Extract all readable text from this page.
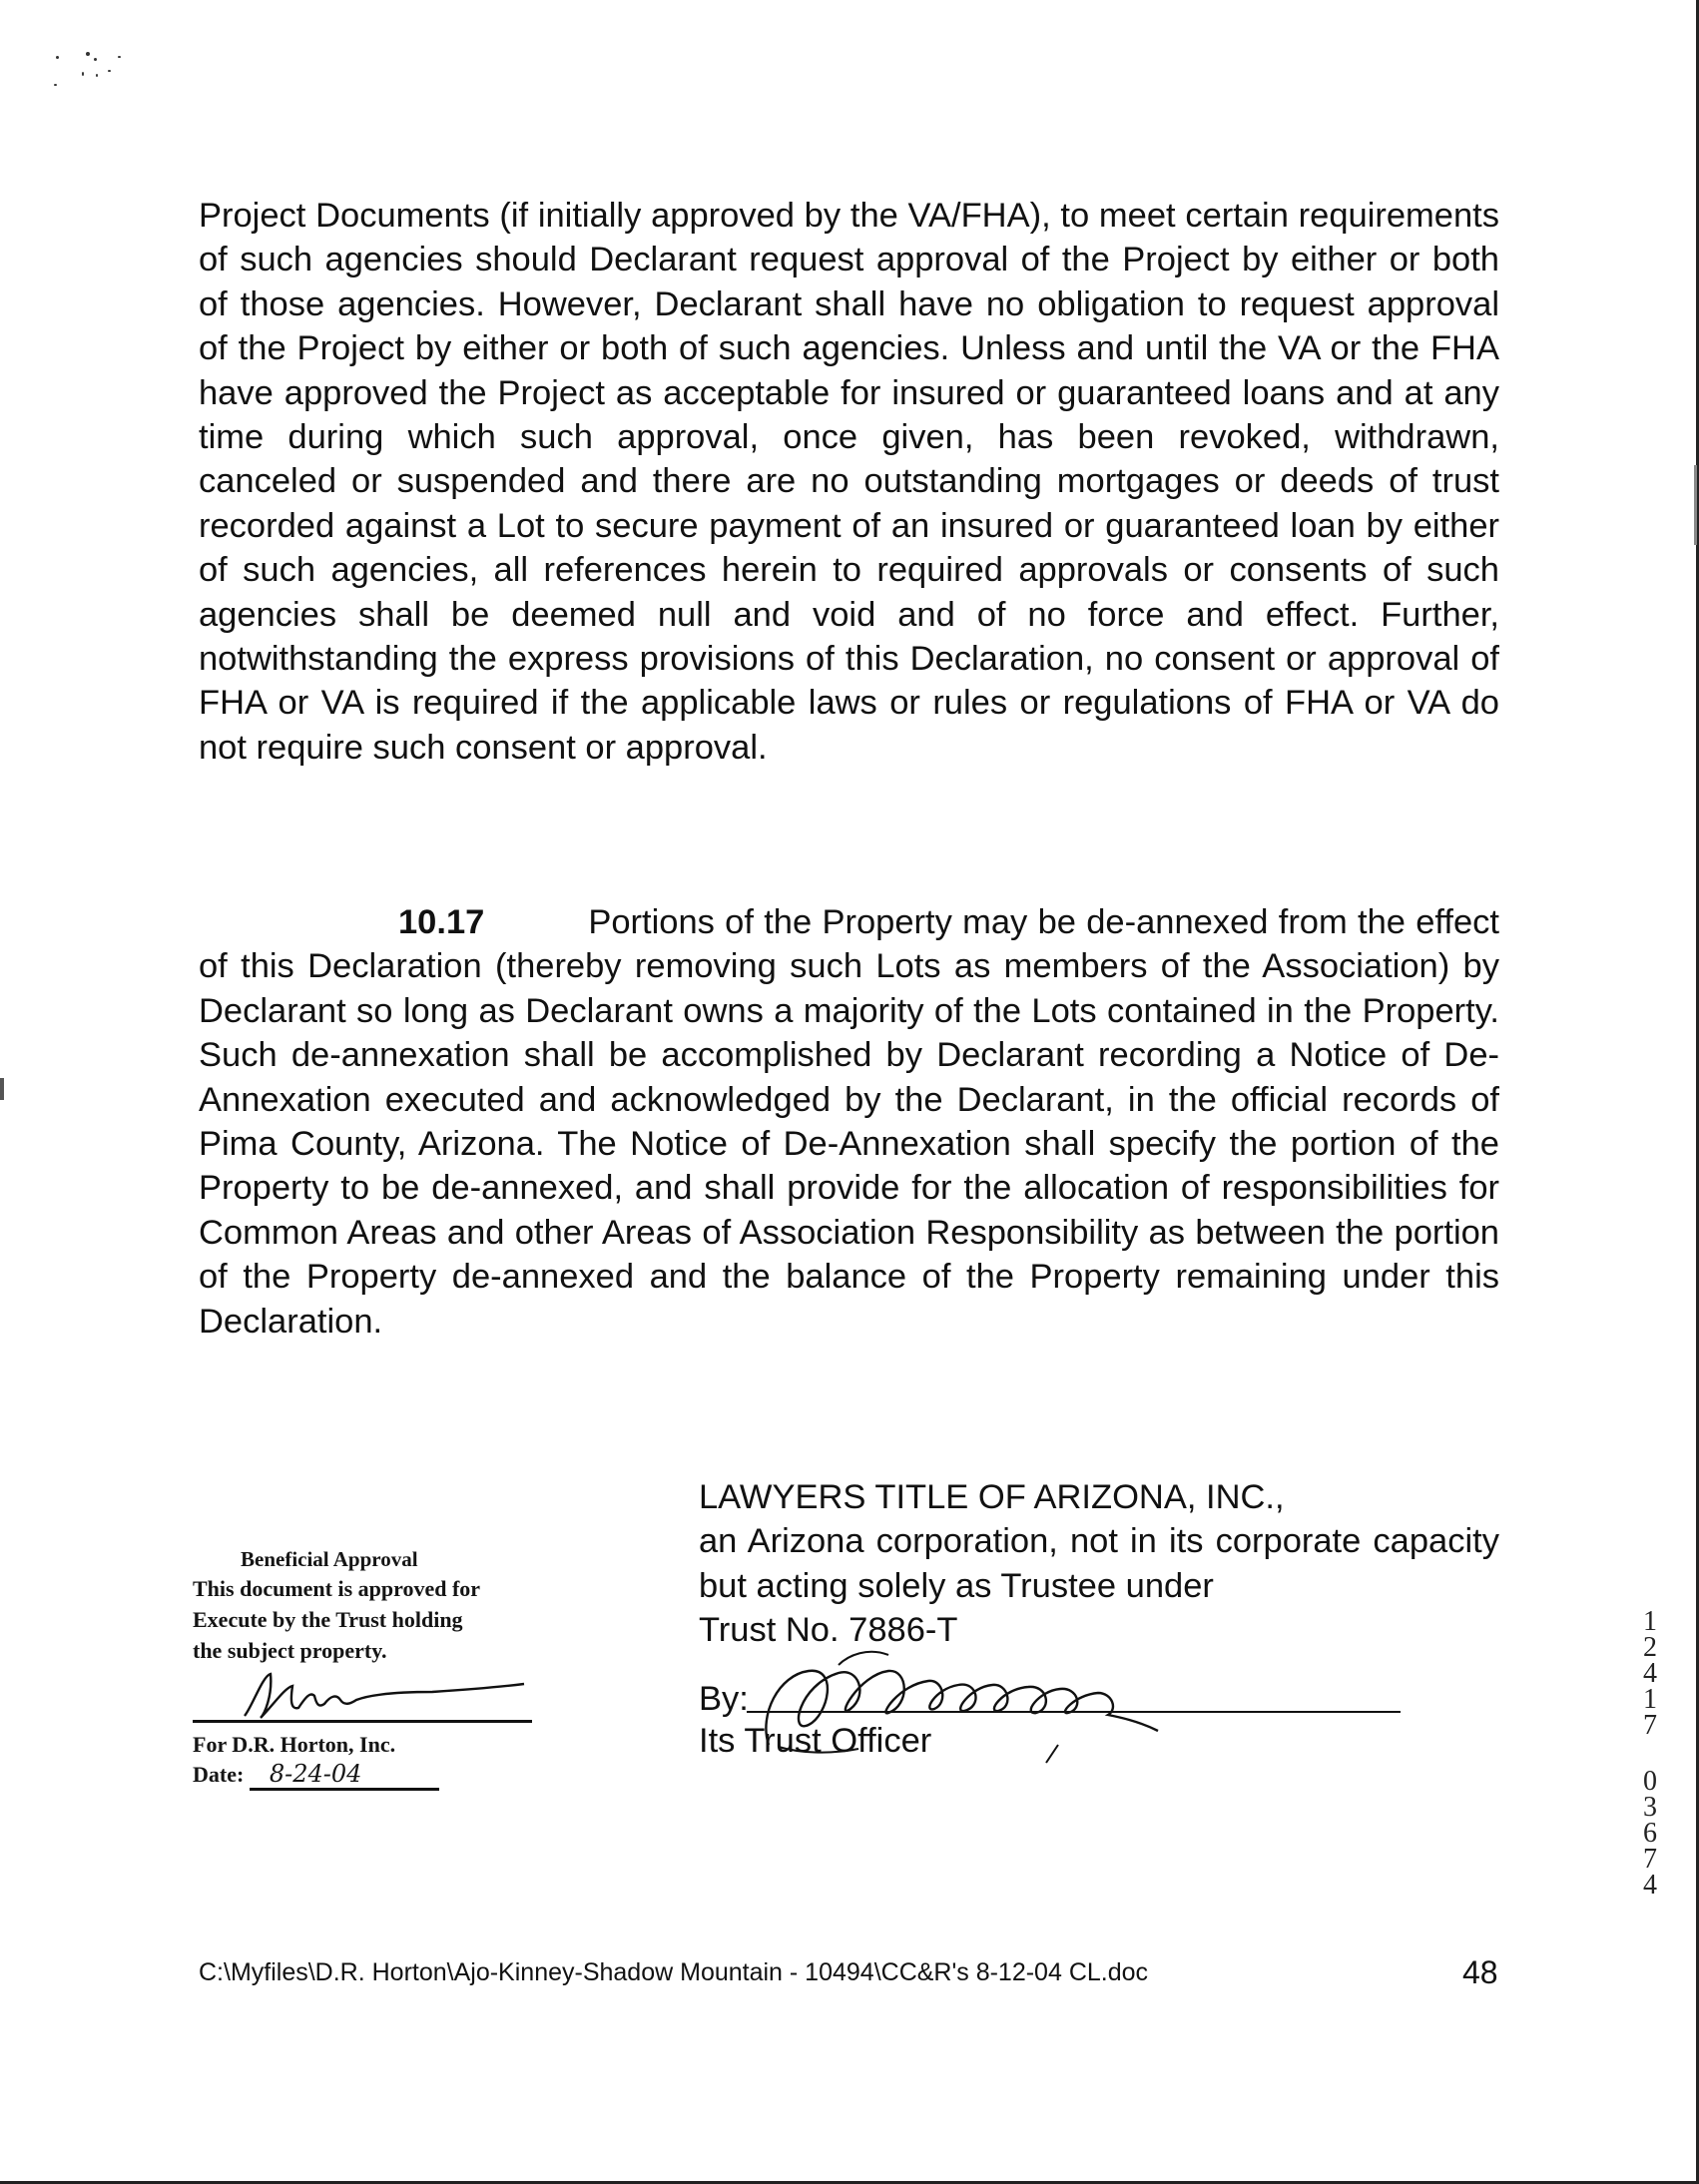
Project Documents (if initially approved by the VA/FHA), to meet certain requirements of such agencies should Declarant request approval of the Project by either or both of those agencies. However, Declarant shall have no obligation to request approval of the Project by either or both of such agencies. Unless and until the VA or the FHA have approved the Project as acceptable for insured or guaranteed loans and at any time during which such approval, once given, has been revoked, withdrawn, canceled or suspended and there are no outstanding mortgages or deeds of trust recorded against a Lot to secure payment of an insured or guaranteed loan by either of such agencies, all references herein to required approvals or consents of such agencies shall be deemed null and void and of no force and effect. Further, notwithstanding the express provisions of this Declaration, no consent or approval of FHA or VA is required if the applicable laws or rules or regulations of FHA or VA do not require such consent or approval.

10.17	Portions of the Property may be de-annexed from the effect of this Declaration (thereby removing such Lots as members of the Association) by Declarant so long as Declarant owns a majority of the Lots contained in the Property. Such de-annexation shall be accomplished by Declarant recording a Notice of De-Annexation executed and acknowledged by the Declarant, in the official records of Pima County, Arizona. The Notice of De-Annexation shall specify the portion of the Property to be de-annexed, and shall provide for the allocation of responsibilities for Common Areas and other Areas of Association Responsibility as between the portion of the Property de-annexed and the balance of the Property remaining under this Declaration.

Beneficial Approval
This document is approved for
Execute by the Trust holding
the subject property.
For D.R. Horton, Inc.
Date: 8-24-04
LAWYERS TITLE OF ARIZONA, INC.,
an Arizona corporation, not in its corporate capacity but acting solely as Trustee under
Trust No. 7886-T
By:
Its Trust Officer
1
2
4
1
7
0
3
6
7
4
C:\Myfiles\D.R. Horton\Ajo-Kinney-Shadow Mountain - 10494\CC&R's 8-12-04 CL.doc	48
